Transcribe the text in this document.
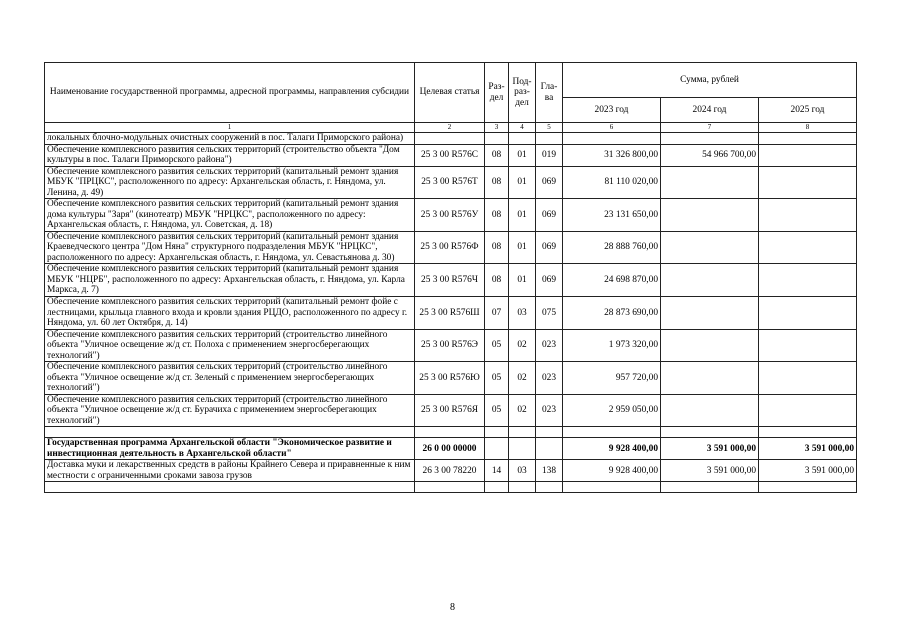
Наименование государственной программы, адресной программы, направления субсидии	Целевая статья	Раз-дел	Под-раз-дел	Гла-ва	Сумма, рублей		
					2023 год	2024 год	2025 год
1	2	3	4	5	6	7	8
локальных блочно-модульных очистных сооружений в пос. Талаги Приморского района)							
Обеспечение комплексного развития сельских территорий (строительство объекта "Дом культуры в пос. Талаги Приморского района")	25 3 00 R576С	08	01	019	31 326 800,00	54 966 700,00	
Обеспечение комплексного развития сельских территорий (капитальный ремонт здания МБУК "ПРЦКС", расположенного по адресу: Архангельская область, г. Няндома, ул. Ленина, д. 49)	25 3 00 R576Т	08	01	069	81 110 020,00		
Обеспечение комплексного развития сельских территорий (капитальный ремонт здания дома культуры "Заря" (кинотеатр) МБУК "НРЦКС", расположенного по адресу: Архангельская область, г. Няндома, ул. Советская, д. 18)	25 3 00 R576У	08	01	069	23 131 650,00		
Обеспечение комплексного развития сельских территорий (капитальный ремонт здания Краеведческого центра "Дом Няна" структурного подразделения МБУК "НРЦКС", расположенного по адресу: Архангельская область, г. Няндома, ул. Севастьянова д. 30)	25 3 00 R576Ф	08	01	069	28 888 760,00		
Обеспечение комплексного развития сельских территорий (капитальный ремонт здания МБУК "НЦРБ", расположенного по адресу: Архангельская область, г. Няндома, ул. Карла Маркса, д. 7)	25 3 00 R576Ч	08	01	069	24 698 870,00		
Обеспечение комплексного развития сельских территорий (капитальный ремонт фойе с лестницами, крыльца главного входа и кровли здания РЦДО, расположенного по адресу г. Няндома, ул. 60 лет Октября, д. 14)	25 3 00 R576Ш	07	03	075	28 873 690,00		
Обеспечение комплексного развития сельских территорий (строительство линейного объекта "Уличное освещение ж/д ст. Полоха с применением энергосберегающих технологий")	25 3 00 R576Э	05	02	023	1 973 320,00		
Обеспечение комплексного развития сельских территорий (строительство линейного объекта "Уличное освещение ж/д ст. Зеленый с применением энергосберегающих технологий")	25 3 00 R576Ю	05	02	023	957 720,00		
Обеспечение комплексного развития сельских территорий (строительство линейного объекта "Уличное освещение ж/д ст. Бурачиха с применением энергосберегающих технологий")	25 3 00 R576Я	05	02	023	2 959 050,00		

Государственная программа Архангельской области "Экономическое развитие и инвестиционная деятельность в Архангельской области"	26 0 00 00000				9 928 400,00	3 591 000,00	3 591 000,00
Доставка муки и лекарственных средств в районы Крайнего Севера и приравненные к ним местности с ограниченными сроками завоза грузов	26 3 00 78220	14	03	138	9 928 400,00	3 591 000,00	3 591 000,00

8
